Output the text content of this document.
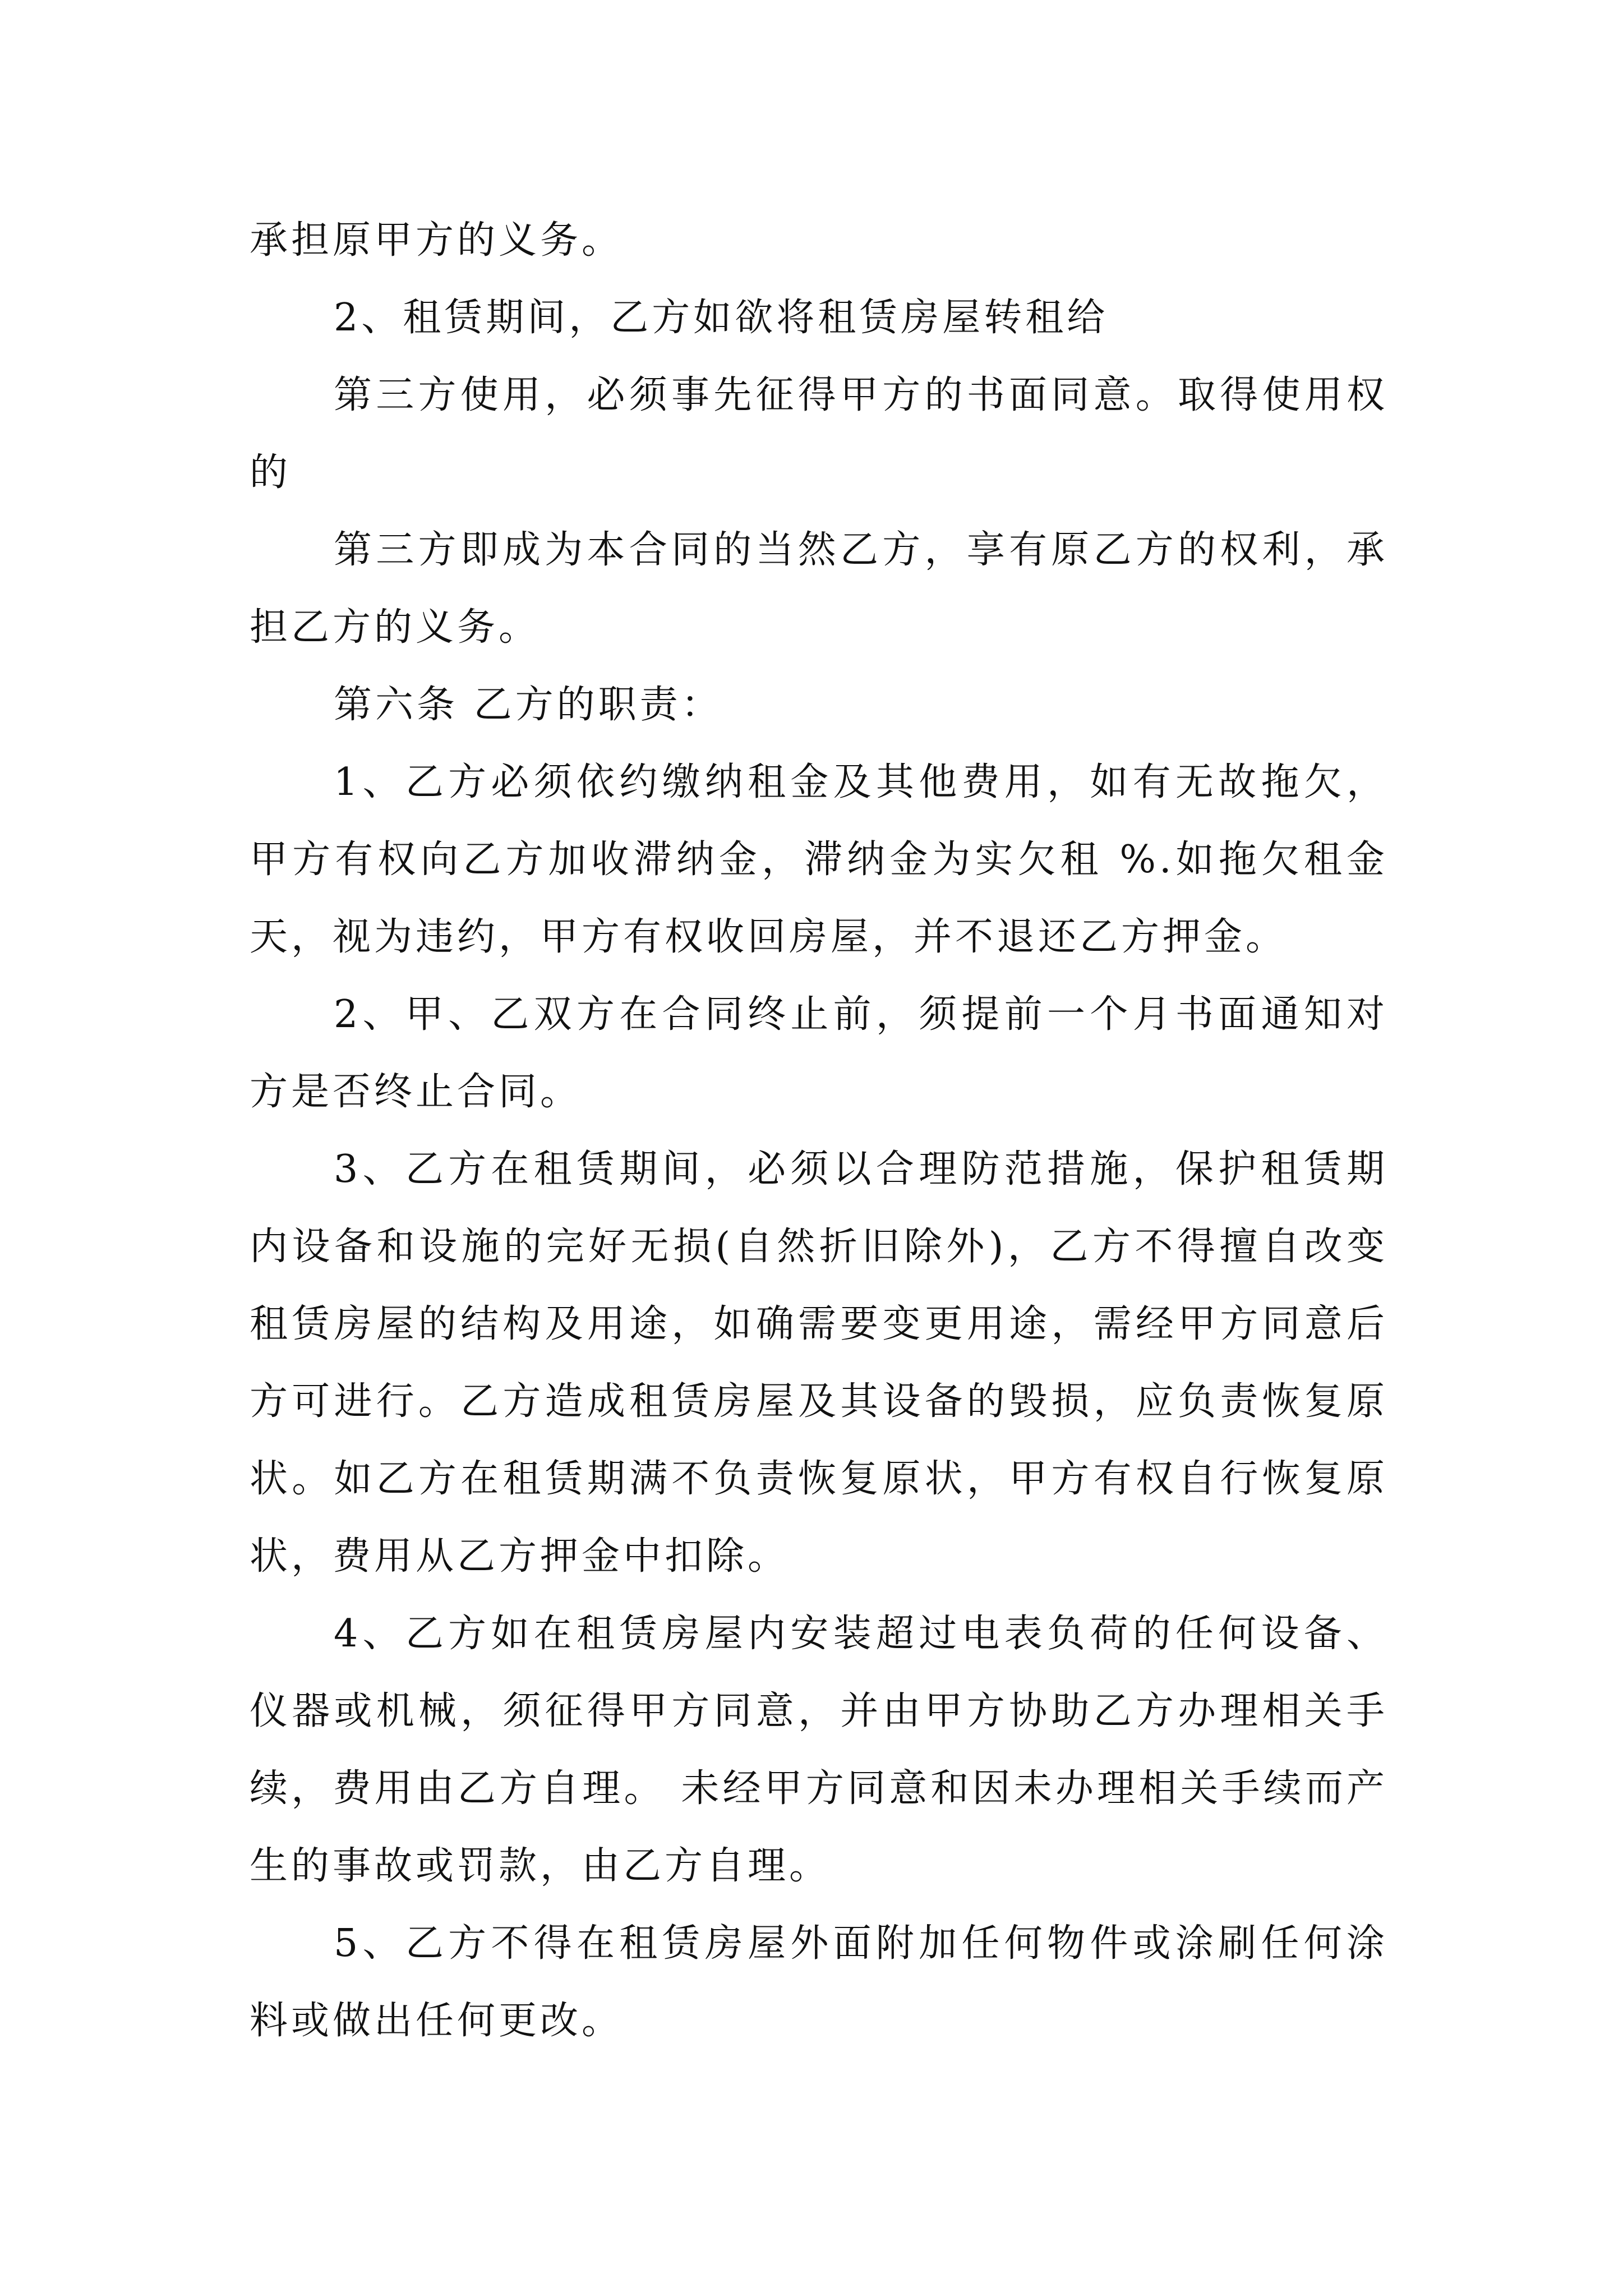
承担原甲方的义务。

2、租赁期间，乙方如欲将租赁房屋转租给

第三方使用，必须事先征得甲方的书面同意。取得使用权的

第三方即成为本合同的当然乙方，享有原乙方的权利，承担乙方的义务。

第六条 乙方的职责：

1、乙方必须依约缴纳租金及其他费用，如有无故拖欠，甲方有权向乙方加收滞纳金，滞纳金为实欠租 %.如拖欠租金 天，视为违约，甲方有权收回房屋，并不退还乙方押金。

2、甲、乙双方在合同终止前，须提前一个月书面通知对方是否终止合同。

3、乙方在租赁期间，必须以合理防范措施，保护租赁期内设备和设施的完好无损(自然折旧除外)，乙方不得擅自改变租赁房屋的结构及用途，如确需要变更用途，需经甲方同意后方可进行。乙方造成租赁房屋及其设备的毁损，应负责恢复原状。如乙方在租赁期满不负责恢复原状，甲方有权自行恢复原状，费用从乙方押金中扣除。

4、乙方如在租赁房屋内安装超过电表负荷的任何设备、仪器或机械，须征得甲方同意，并由甲方协助乙方办理相关手续，费用由乙方自理。 未经甲方同意和因未办理相关手续而产生的事故或罚款，由乙方自理。

5、乙方不得在租赁房屋外面附加任何物件或涂刷任何涂料或做出任何更改。
